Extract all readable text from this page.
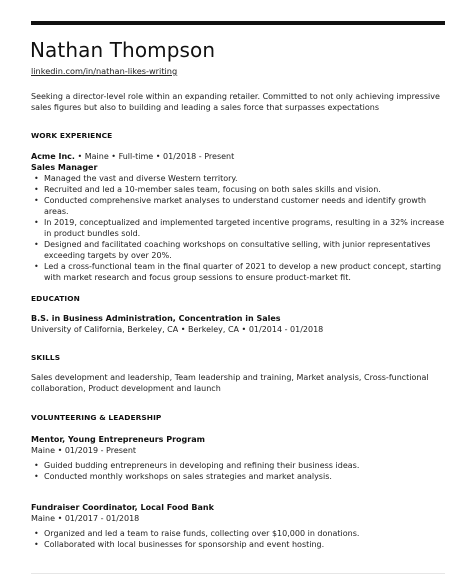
Nathan Thompson
linkedin.com/in/nathan-likes-writing
Seeking a director-level role within an expanding retailer. Committed to not only achieving impressive sales figures but also to building and leading a sales force that surpasses expectations
WORK EXPERIENCE
Acme Inc. • Maine • Full-time • 01/2018 - Present
Sales Manager
• Managed the vast and diverse Western territory.
• Recruited and led a 10-member sales team, focusing on both sales skills and vision.
• Conducted comprehensive market analyses to understand customer needs and identify growth areas.
• In 2019, conceptualized and implemented targeted incentive programs, resulting in a 32% increase in product bundles sold.
• Designed and facilitated coaching workshops on consultative selling, with junior representatives exceeding targets by over 20%.
• Led a cross-functional team in the final quarter of 2021 to develop a new product concept, starting with market research and focus group sessions to ensure product-market fit.
EDUCATION
B.S. in Business Administration, Concentration in Sales
University of California, Berkeley, CA • Berkeley, CA • 01/2014 - 01/2018
SKILLS
Sales development and leadership, Team leadership and training, Market analysis, Cross-functional collaboration, Product development and launch
VOLUNTEERING & LEADERSHIP
Mentor, Young Entrepreneurs Program
Maine • 01/2019 - Present
• Guided budding entrepreneurs in developing and refining their business ideas.
• Conducted monthly workshops on sales strategies and market analysis.
Fundraiser Coordinator, Local Food Bank
Maine • 01/2017 - 01/2018
• Organized and led a team to raise funds, collecting over $10,000 in donations.
• Collaborated with local businesses for sponsorship and event hosting.
